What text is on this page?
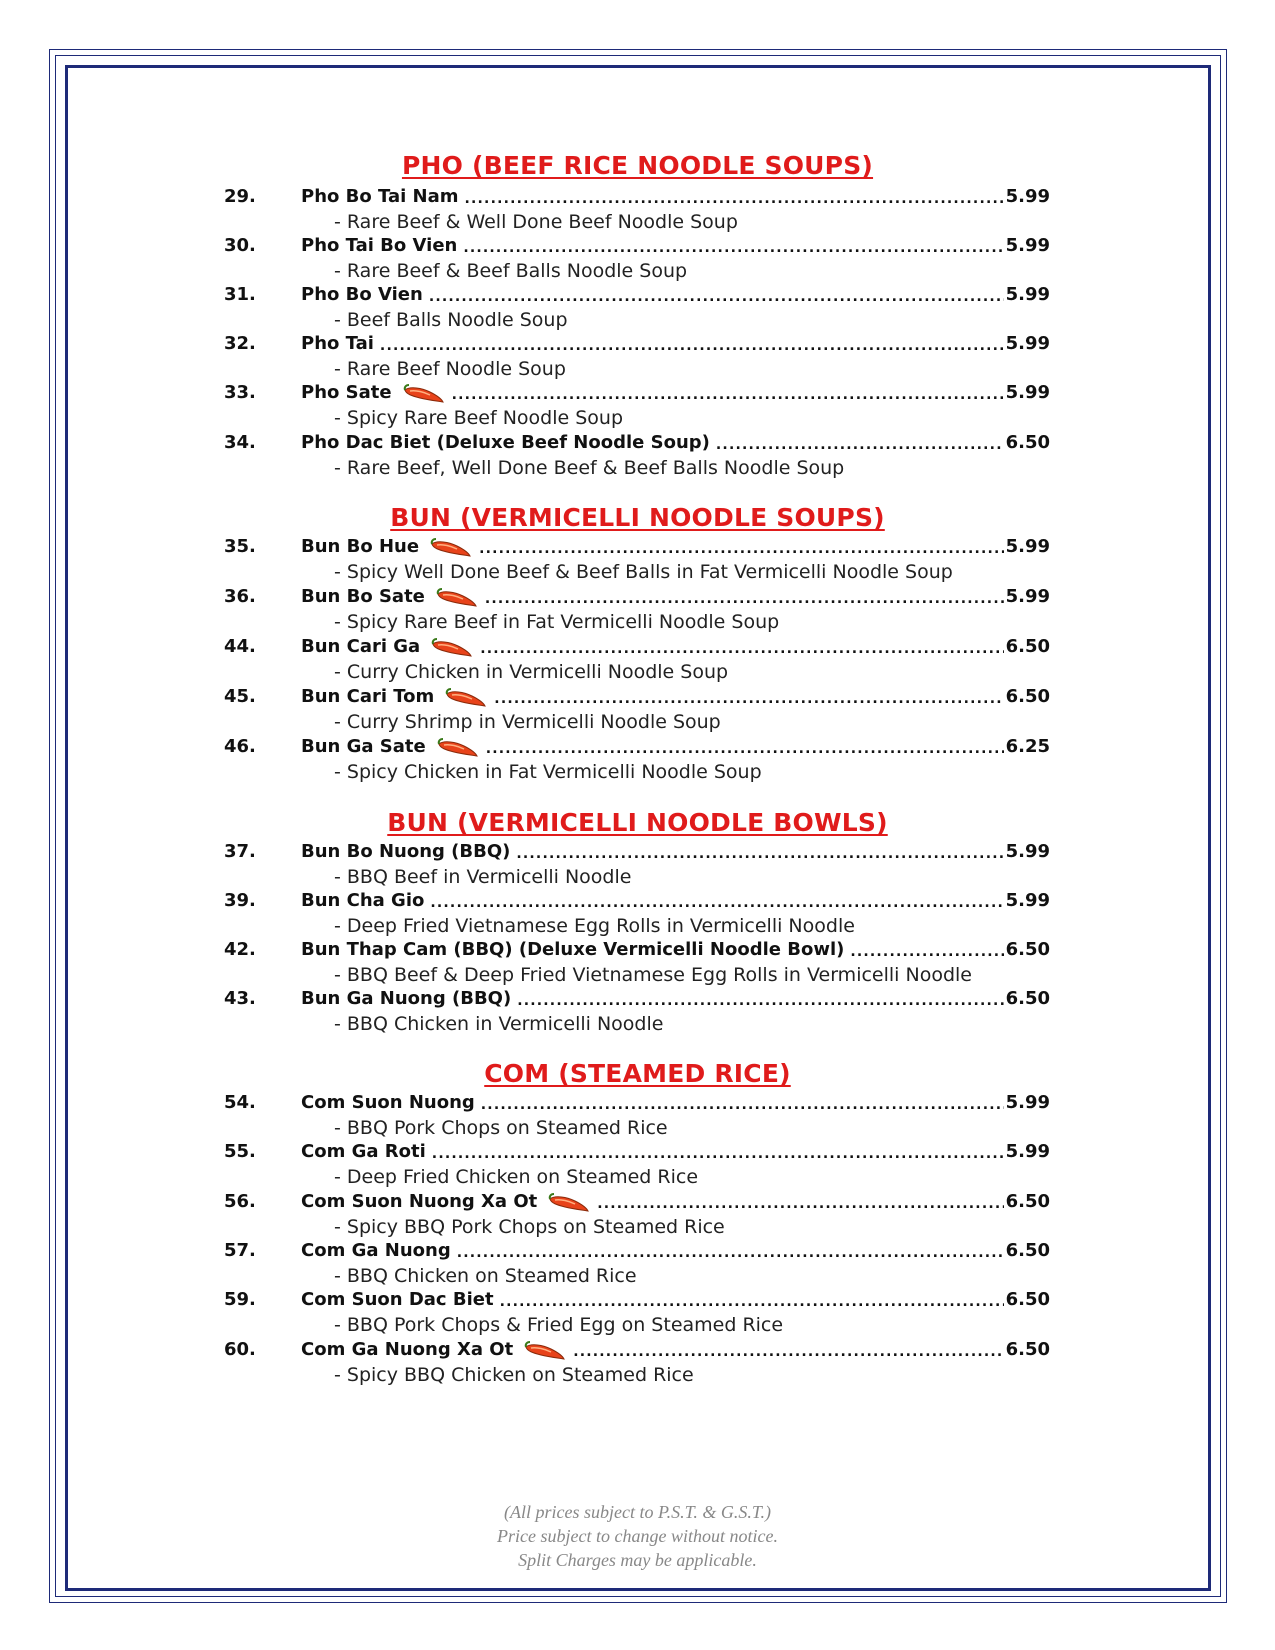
PHO (BEEF RICE NOODLE SOUPS)
29.	Pho Bo Tai Nam .....	5.99
- Rare Beef & Well Done Beef Noodle Soup
30.	Pho Tai Bo Vien .....	5.99
- Rare Beef & Beef Balls Noodle Soup
31.	Pho Bo Vien .....	5.99
- Beef Balls Noodle Soup
32.	Pho Tai .....	5.99
- Rare Beef Noodle Soup
33.	Pho Sate .....	5.99
- Spicy Rare Beef Noodle Soup
34.	Pho Dac Biet (Deluxe Beef Noodle Soup) .....	6.50
- Rare Beef, Well Done Beef & Beef Balls Noodle Soup
BUN (VERMICELLI NOODLE SOUPS)
35.	Bun Bo Hue .....	5.99
- Spicy Well Done Beef & Beef Balls in Fat Vermicelli Noodle Soup
36.	Bun Bo Sate .....	5.99
- Spicy Rare Beef in Fat Vermicelli Noodle Soup
44.	Bun Cari Ga .....	6.50
- Curry Chicken in Vermicelli Noodle Soup
45.	Bun Cari Tom .....	6.50
- Curry Shrimp in Vermicelli Noodle Soup
46.	Bun Ga Sate .....	6.25
- Spicy Chicken in Fat Vermicelli Noodle Soup
BUN (VERMICELLI NOODLE BOWLS)
37.	Bun Bo Nuong (BBQ) .....	5.99
- BBQ Beef in Vermicelli Noodle
39.	Bun Cha Gio .....	5.99
- Deep Fried Vietnamese Egg Rolls in Vermicelli Noodle
42.	Bun Thap Cam (BBQ) (Deluxe Vermicelli Noodle Bowl) .....	6.50
- BBQ Beef & Deep Fried Vietnamese Egg Rolls in Vermicelli Noodle
43.	Bun Ga Nuong (BBQ) .....	6.50
- BBQ Chicken in Vermicelli Noodle
COM (STEAMED RICE)
54.	Com Suon Nuong .....	5.99
- BBQ Pork Chops on Steamed Rice
55.	Com Ga Roti .....	5.99
- Deep Fried Chicken on Steamed Rice
56.	Com Suon Nuong Xa Ot .....	6.50
- Spicy BBQ Pork Chops on Steamed Rice
57.	Com Ga Nuong .....	6.50
- BBQ Chicken on Steamed Rice
59.	Com Suon Dac Biet .....	6.50
- BBQ Pork Chops & Fried Egg on Steamed Rice
60.	Com Ga Nuong Xa Ot .....	6.50
- Spicy BBQ Chicken on Steamed Rice
(All prices subject to P.S.T. & G.S.T.)
Price subject to change without notice.
Split Charges may be applicable.
